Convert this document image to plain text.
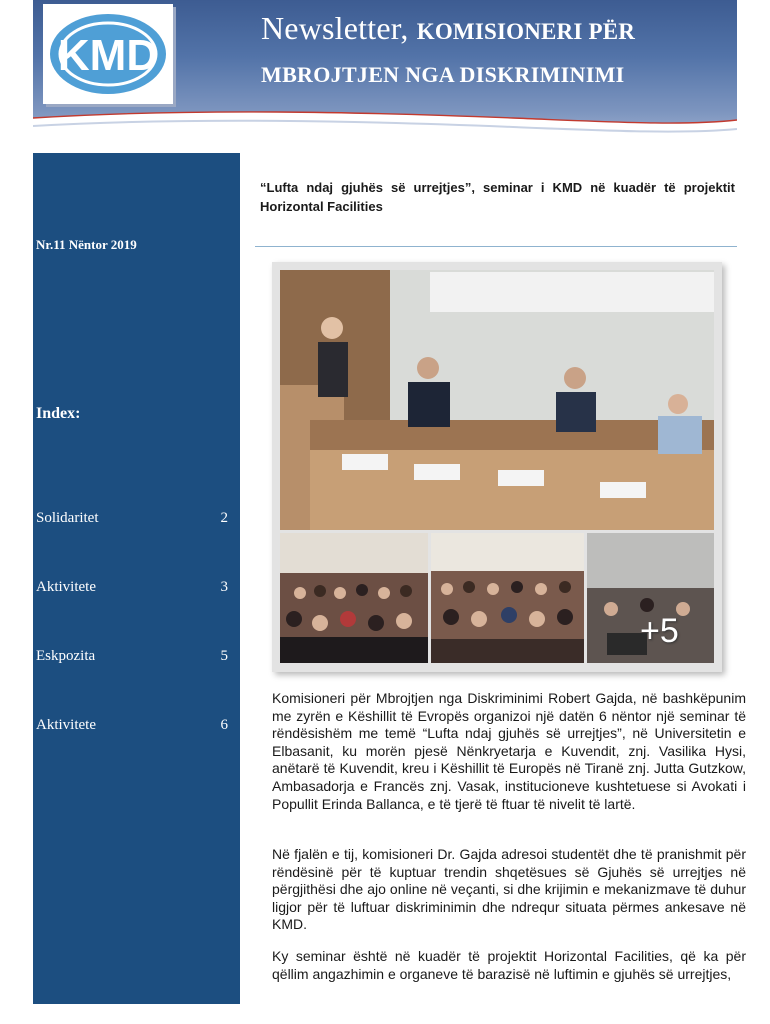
KMD
Newsletter, KOMISIONERI PËR
MBROJTJEN NGA DISKRIMINIMI
Nr.11 Nëntor 2019
Index:
Solidaritet	2
Aktivitete	3
Eskpozita	5
Aktivitete	6
“Lufta ndaj gjuhës së urrejtjes”, seminar i KMD në kuadër të projektit Horizontal Facilities
+5

Komisioneri për Mbrojtjen nga Diskriminimi Robert Gajda, në bashkëpunim me zyrën e Këshillit të Evropës organizoi një datën 6 nëntor një seminar të rëndësishëm me temë “Lufta ndaj gjuhës së urrejtjes”, në Universitetin e Elbasanit, ku morën pjesë Nënkryetarja e Kuvendit, znj. Vasilika Hysi, anëtarë të Kuvendit, kreu i Këshillit të Europës në Tiranë znj. Jutta Gutzkow, Ambasadorja e Francës znj. Vasak, institucioneve kushtetuese si Avokati i Popullit Erinda Ballanca, e të tjerë të ftuar të nivelit të lartë.

Në fjalën e tij, komisioneri Dr. Gajda adresoi studentët dhe të pranishmit për rëndësinë për të kuptuar trendin shqetësues së Gjuhës së urrejtjes në përgjithësi dhe ajo online në veçanti, si dhe krijimin e mekanizmave të duhur ligjor për të luftuar diskriminimin dhe ndrequr situata përmes ankesave në KMD.

Ky seminar është në kuadër të projektit Horizontal Facilities, që ka për qëllim angazhimin e organeve të barazisë në luftimin e gjuhës së urrejtjes,
